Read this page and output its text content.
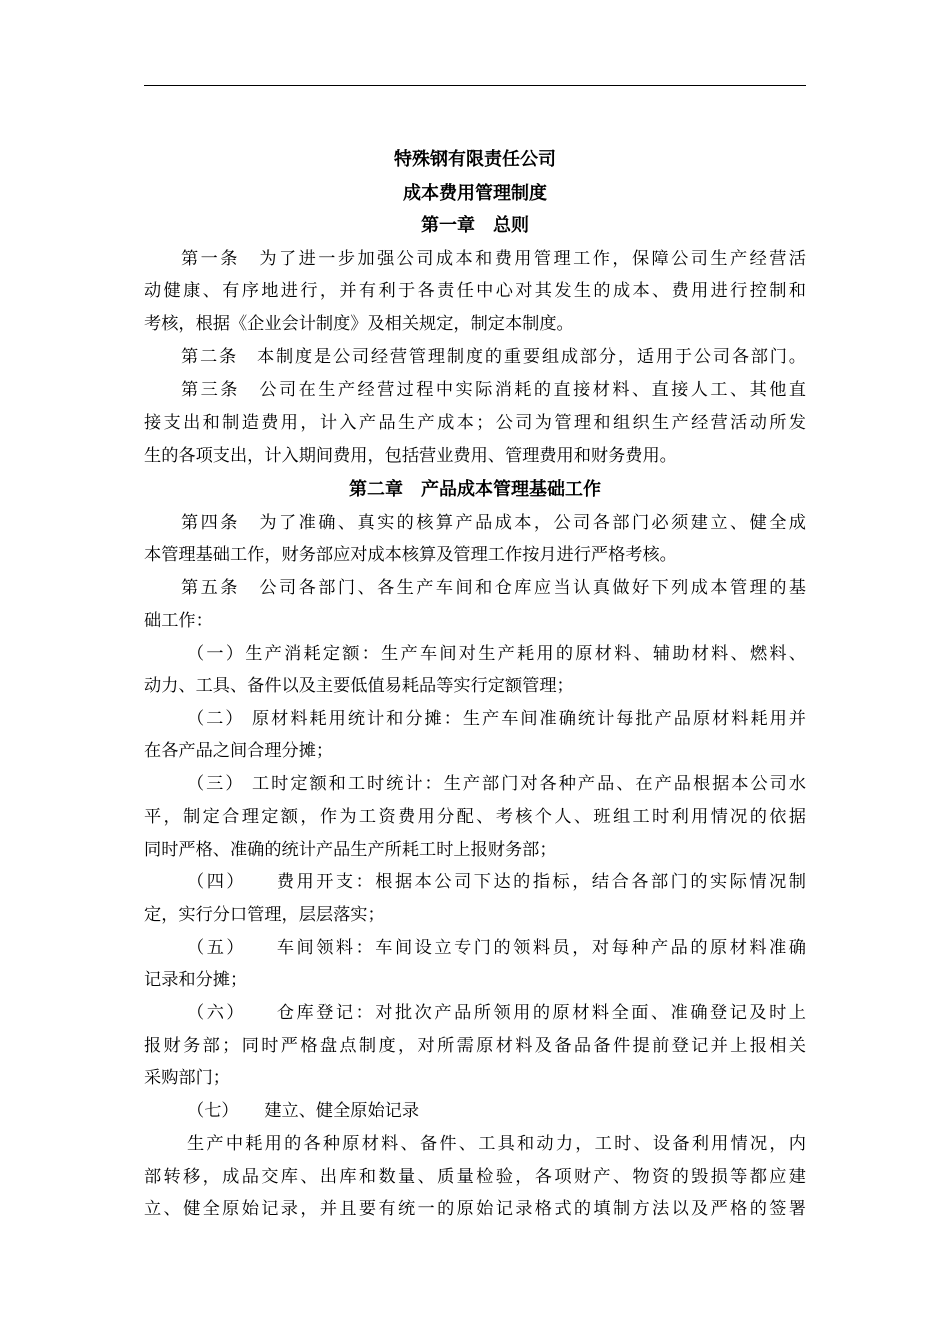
特殊钢有限责任公司
成本费用管理制度
第一章　总则
第一条　为了进一步加强公司成本和费用管理工作，保障公司生产经营活
动健康、有序地进行，并有利于各责任中心对其发生的成本、费用进行控制和
考核，根据《企业会计制度》及相关规定，制定本制度。
第二条　本制度是公司经营管理制度的重要组成部分，适用于公司各部门。
第三条　公司在生产经营过程中实际消耗的直接材料、直接人工、其他直
接支出和制造费用，计入产品生产成本；公司为管理和组织生产经营活动所发
生的各项支出，计入期间费用，包括营业费用、管理费用和财务费用。
第二章　产品成本管理基础工作
第四条　为了准确、真实的核算产品成本，公司各部门必须建立、健全成
本管理基础工作，财务部应对成本核算及管理工作按月进行严格考核。
第五条　公司各部门、各生产车间和仓库应当认真做好下列成本管理的基
础工作：
（一）生产消耗定额：生产车间对生产耗用的原材料、辅助材料、燃料、
动力、工具、备件以及主要低值易耗品等实行定额管理；
（二） 原材料耗用统计和分摊：生产车间准确统计每批产品原材料耗用并
在各产品之间合理分摊；
（三） 工时定额和工时统计：生产部门对各种产品、在产品根据本公司水
平，制定合理定额，作为工资费用分配、考核个人、班组工时利用情况的依据
同时严格、准确的统计产品生产所耗工时上报财务部；
（四）　　费用开支：根据本公司下达的指标，结合各部门的实际情况制
定，实行分口管理，层层落实；
（五）　　车间领料：车间设立专门的领料员，对每种产品的原材料准确
记录和分摊；
（六）　　仓库登记：对批次产品所领用的原材料全面、准确登记及时上
报财务部；同时严格盘点制度，对所需原材料及备品备件提前登记并上报相关
采购部门；
（七）　　建立、健全原始记录
生产中耗用的各种原材料、备件、工具和动力，工时、设备利用情况，内
部转移，成品交库、出库和数量、质量检验，各项财产、物资的毁损等都应建
立、健全原始记录，并且要有统一的原始记录格式的填制方法以及严格的签署
